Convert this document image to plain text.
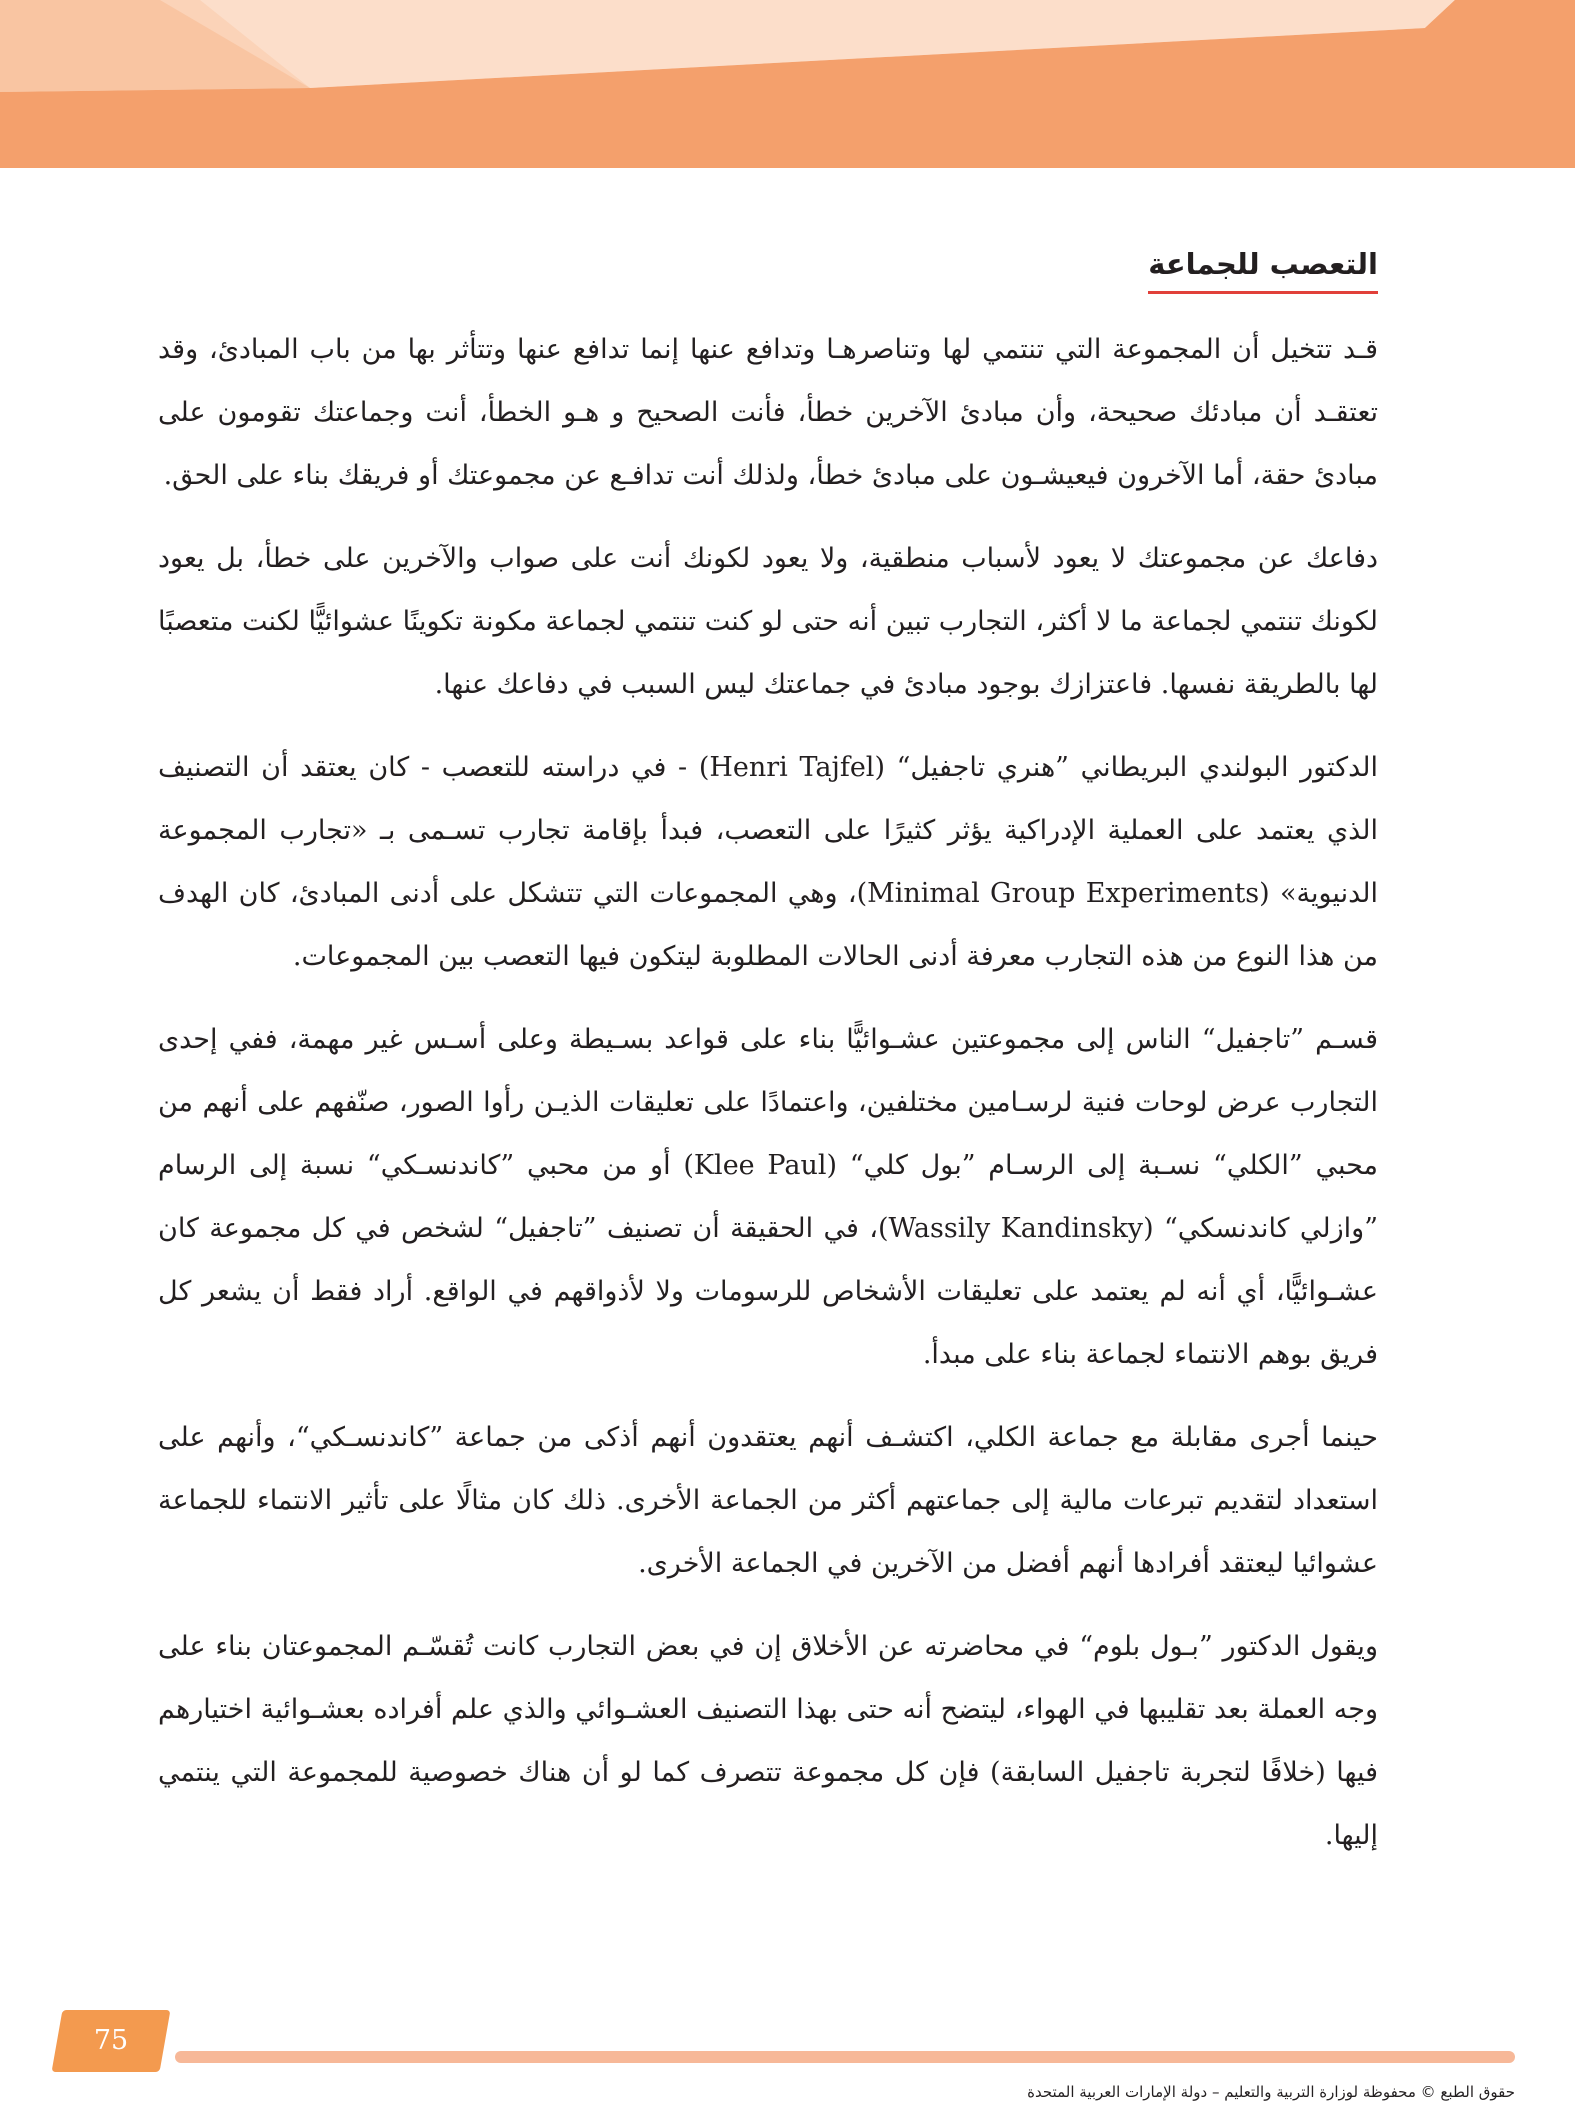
التعصب للجماعة

قـد تتخيل أن المجموعة التي تنتمي لها وتناصرهـا وتدافع عنها إنما تدافع عنها وتتأثر بها من باب المبادئ، وقد تعتقـد أن مبادئك صحيحة، وأن مبادئ الآخرين خطأ، فأنت الصحيح و هـو الخطأ، أنت وجماعتك تقومون على مبادئ حقة، أما الآخرون فيعيشـون على مبادئ خطأ، ولذلك أنت تدافـع عن مجموعتك أو فريقك بناء على الحق.

دفاعك عن مجموعتك لا يعود لأسباب منطقية، ولا يعود لكونك أنت على صواب والآخرين على خطأ، بل يعود لكونك تنتمي لجماعة ما لا أكثر، التجارب تبين أنه حتى لو كنت تنتمي لجماعة مكونة تكوينًا عشوائيًّا لكنت متعصبًا لها بالطريقة نفسها. فاعتزازك بوجود مبادئ في جماعتك ليس السبب في دفاعك عنها.

الدكتور البولندي البريطاني ”هنري تاجفيل“ (Henri Tajfel) - في دراسته للتعصب - كان يعتقد أن التصنيف الذي يعتمد على العملية الإدراكية يؤثر كثيرًا على التعصب، فبدأ بإقامة تجارب تسـمى بـ «تجارب المجموعة الدنيوية» (Minimal Group Experiments)، وهي المجموعات التي تتشكل على أدنى المبادئ، كان الهدف من هذا النوع من هذه التجارب معرفة أدنى الحالات المطلوبة ليتكون فيها التعصب بين المجموعات.

قسـم ”تاجفيل“ الناس إلى مجموعتين عشـوائيًّا بناء على قواعد بسـيطة وعلى أسـس غير مهمة، ففي إحدى التجارب عرض لوحات فنية لرسـامين مختلفين، واعتمادًا على تعليقات الذيـن رأوا الصور، صنّفهم على أنهم من محبي ”الكلي“ نسـبة إلى الرسـام ”بول كلي“ (Klee Paul) أو من محبي ”كاندنسـكي“ نسبة إلى الرسام ”وازلي كاندنسكي“ (Wassily Kandinsky)، في الحقيقة أن تصنيف ”تاجفيل“ لشخص في كل مجموعة كان عشـوائيًّا، أي أنه لم يعتمد على تعليقات الأشخاص للرسومات ولا لأذواقهم في الواقع. أراد فقط أن يشعر كل فريق بوهم الانتماء لجماعة بناء على مبدأ.

حينما أجرى مقابلة مع جماعة الكلي، اكتشـف أنهم يعتقدون أنهم أذكى من جماعة ”كاندنسـكي“، وأنهم على استعداد لتقديم تبرعات مالية إلى جماعتهم أكثر من الجماعة الأخرى. ذلك كان مثالًا على تأثير الانتماء للجماعة عشوائيا ليعتقد أفرادها أنهم أفضل من الآخرين في الجماعة الأخرى.

ويقول الدكتور ”بـول بلوم“ في محاضرته عن الأخلاق إن في بعض التجارب كانت تُقسّـم المجموعتان بناء على وجه العملة بعد تقليبها في الهواء، ليتضح أنه حتى بهذا التصنيف العشـوائي والذي علم أفراده بعشـوائية اختيارهم فيها (خلافًا لتجربة تاجفيل السابقة) فإن كل مجموعة تتصرف كما لو أن هناك خصوصية للمجموعة التي ينتمي إليها.

75
حقوق الطبع © محفوظة لوزارة التربية والتعليم – دولة الإمارات العربية المتحدة
